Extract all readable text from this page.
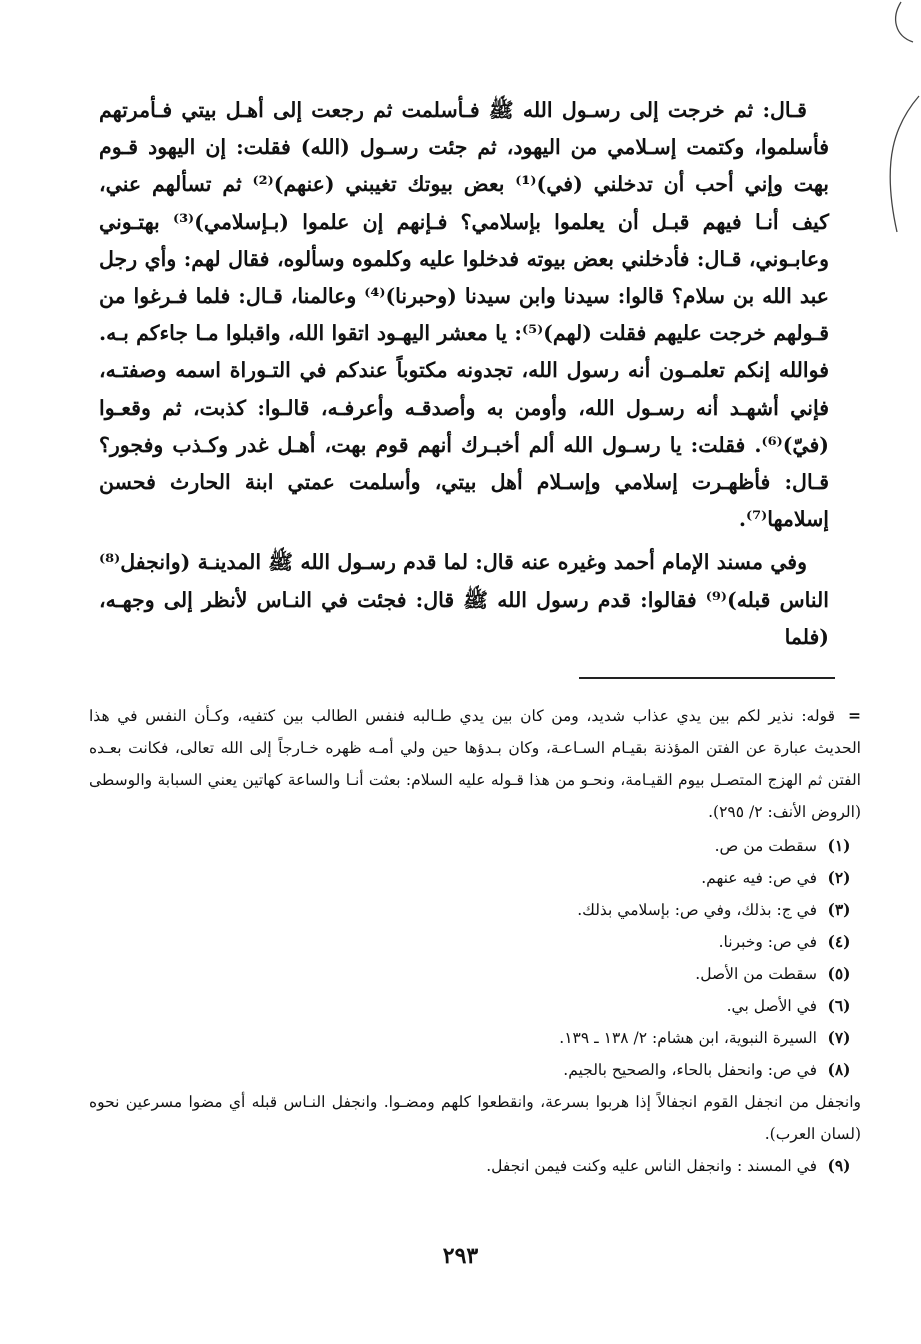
قـال: ثم خرجت إلى رسـول الله ﷺ فـأسلمت ثم رجعت إلى أهـل بيتي فـأمرتهم فأسلموا، وكتمت إسـلامي من اليهود، ثم جئت رسـول (الله) فقلت: إن اليهود قـوم بهت وإني أحب أن تدخلني (في)⁽¹⁾ بعض بيوتك تغيبني (عنهم)⁽²⁾ ثم تسألهم عني، كيف أنـا فيهم قبـل أن يعلموا بإسلامي؟ فـإنهم إن علموا (بـإسلامي)⁽³⁾ بهتـوني وعابـوني، قـال: فأدخلني بعض بيوته فدخلوا عليه وكلموه وسألوه، فقال لهم: وأي رجل عبد الله بن سلام؟ قالوا: سيدنا وابن سيدنا (وحبرنا)⁽⁴⁾ وعالمنا، قـال: فلما فـرغوا من قـولهم خرجت عليهم فقلت (لهم)⁽⁵⁾: يا معشر اليهـود اتقوا الله، واقبلوا مـا جاءكم بـه. فوالله إنكم تعلمـون أنه رسول الله، تجدونه مكتوباً عندكم في التـوراة اسمه وصفتـه، فإني أشهـد أنه رسـول الله، وأومن به وأصدقـه وأعرفـه، قالـوا: كذبت، ثم وقعـوا (فيّ)⁽⁶⁾. فقلت: يا رسـول الله ألم أخبـرك أنهم قوم بهت، أهـل غدر وكـذب وفجور؟ قـال: فأظهـرت إسلامي وإسـلام أهل بيتي، وأسلمت عمتي ابنة الحارث فحسن إسلامها⁽⁷⁾.

وفي مسند الإمام أحمد وغيره عنه قال: لما قدم رسـول الله ﷺ المدينـة (وانجفل⁽⁸⁾ الناس قبله)⁽⁹⁾ فقالوا: قدم رسول الله ﷺ قال: فجئت في النـاس لأنظر إلى وجهـه، (فلما

=قوله: نذير لكم بين يدي عذاب شديد، ومن كان بين يدي طـالبه فنفس الطالب بين كتفيه، وكـأن النفس في هذا الحديث عبارة عن الفتن المؤذنة بقيـام السـاعـة، وكان بـدؤها حين ولي أمـه ظهره خـارجاً إلى الله تعالى، فكانت بعـده الفتن ثم الهزج المتصـل بيوم القيـامة، ونحـو من هذا قـوله عليه السلام: بعثت أنـا والساعة كهاتين يعني السبابة والوسطى (الروض الأنف: ٢/ ٢٩٥).
(١)
سقطت من ص.
(٢)
في ص: فيه عنهم.
(٣)
في ج: بذلك، وفي ص: بإسلامي بذلك.
(٤)
في ص: وخبرنا.
(٥)
سقطت من الأصل.
(٦)
في الأصل بي.
(٧)
السيرة النبوية، ابن هشام: ٢/ ١٣٨ ـ ١٣٩.
(٨)
في ص: وانحفل بالحاء، والصحيح بالجيم.
وانجفل من انجفل القوم انجفالاً إذا هربوا بسرعة، وانقطعوا كلهم ومضـوا. وانجفل النـاس قبله أي مضوا مسرعين نحوه (لسان العرب).
(٩)
في المسند : وانجفل الناس عليه وكنت فيمن انجفل.
٢٩٣
